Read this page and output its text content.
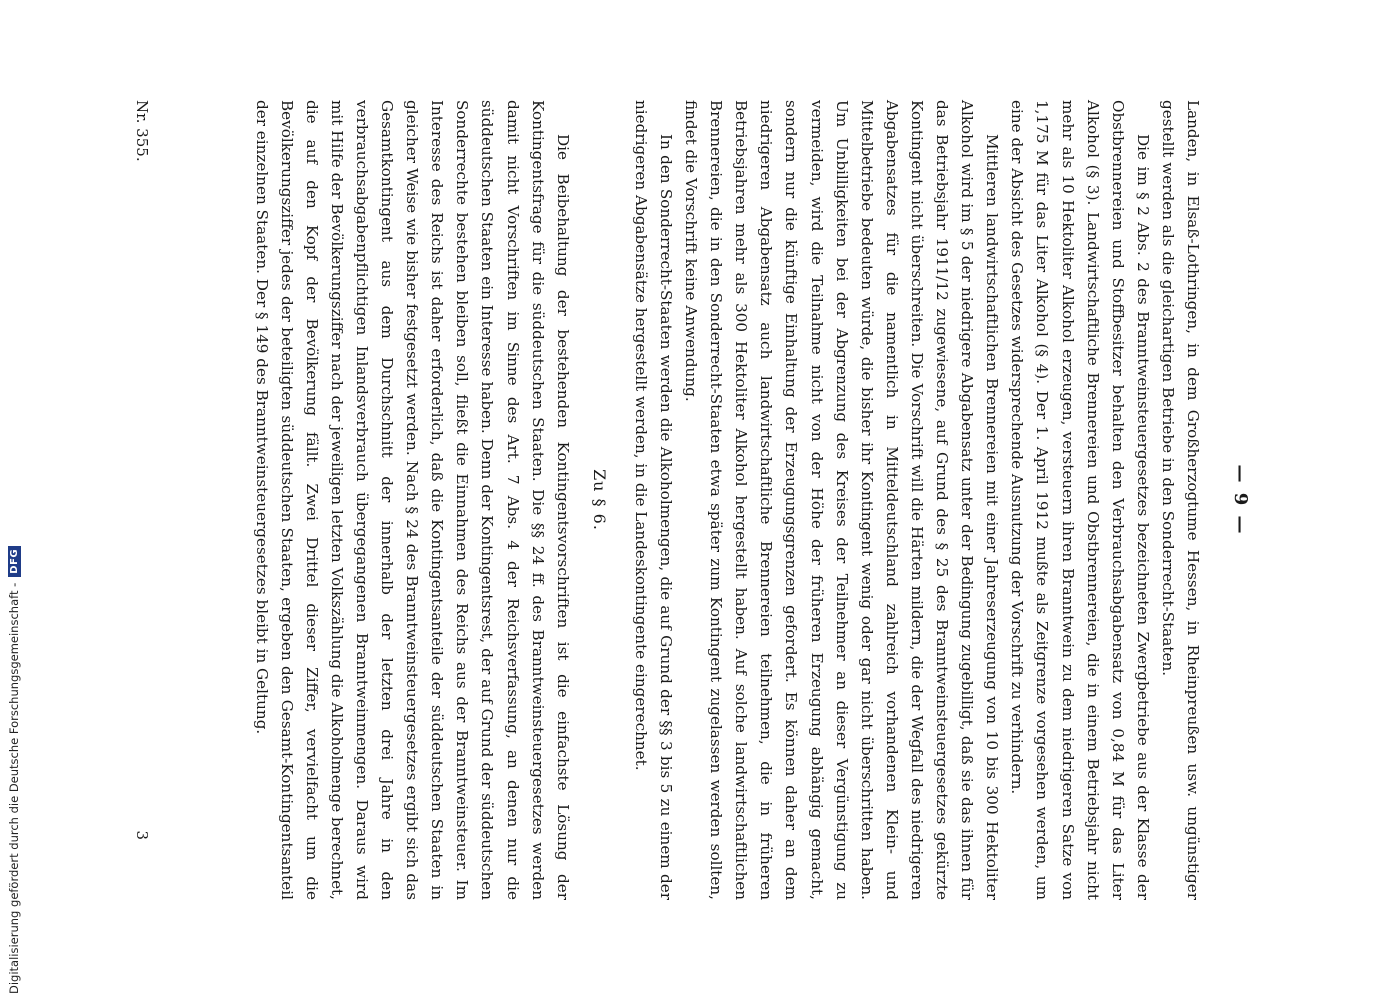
— 9 —

Landen, in Elsaß-Lothringen, in dem Großherzogtume Hessen, in Rheinpreußen usw. ungünstiger gestellt werden als die gleichartigen Betriebe in den Sonderrecht-Staaten.

Die im § 2 Abs. 2 des Branntweinsteuergesetzes bezeichneten Zwergbetriebe aus der Klasse der Obstbrennereien und Stoffbesitzer behalten den Verbrauchsabgabensatz von 0,84 M für das Liter Alkohol (§ 3). Landwirtschaftliche Brennereien und Obstbrennereien, die in einem Betriebsjahr nicht mehr als 10 Hektoliter Alkohol erzeugen, versteuern ihren Branntwein zu dem niedrigeren Satze von 1,175 M für das Liter Alkohol (§ 4). Der 1. April 1912 mußte als Zeitgrenze vorgesehen werden, um eine der Absicht des Gesetzes widersprechende Ausnutzung der Vorschrift zu verhindern.

Mittleren landwirtschaftlichen Brennereien mit einer Jahreserzeugung von 10 bis 300 Hektoliter Alkohol wird im § 5 der niedrigere Abgabensatz unter der Bedingung zugebilligt, daß sie das ihnen für das Betriebsjahr 1911/12 zugewiesene, auf Grund des § 25 des Branntweinsteuergesetzes gekürzte Kontingent nicht überschreiten. Die Vorschrift will die Härten mildern, die der Wegfall des niedrigeren Abgabensatzes für die namentlich in Mitteldeutschland zahlreich vorhandenen Klein- und Mittelbetriebe bedeuten würde, die bisher ihr Kontingent wenig oder gar nicht überschritten haben. Um Unbilligkeiten bei der Abgrenzung des Kreises der Teilnehmer an dieser Vergünstigung zu vermeiden, wird die Teilnahme nicht von der Höhe der früheren Erzeugung abhängig gemacht, sondern nur die künftige Einhaltung der Erzeugungsgrenzen gefordert. Es können daher an dem niedrigeren Abgabensatz auch landwirtschaftliche Brennereien teilnehmen, die in früheren Betriebsjahren mehr als 300 Hektoliter Alkohol hergestellt haben. Auf solche landwirtschaftlichen Brennereien, die in den Sonderrecht-Staaten etwa später zum Kontingent zugelassen werden sollten, findet die Vorschrift keine Anwendung.

In den Sonderrecht-Staaten werden die Alkoholmengen, die auf Grund der §§ 3 bis 5 zu einem der niedrigeren Abgabensätze hergestellt werden, in die Landeskontingente eingerechnet.

Zu § 6.

Die Beibehaltung der bestehenden Kontingentsvorschriften ist die einfachste Lösung der Kontingentsfrage für die süddeutschen Staaten. Die §§ 24 ff. des Branntweinsteuergesetzes werden damit nicht Vorschriften im Sinne des Art. 7 Abs. 4 der Reichsverfassung, an denen nur die süddeutschen Staaten ein Interesse haben. Denn der Kontingentsrest, der auf Grund der süddeutschen Sonderrechte bestehen bleiben soll, fließt die Einnahmen des Reichs aus der Branntweinsteuer. Im Interesse des Reichs ist daher erforderlich, daß die Kontingentsanteile der süddeutschen Staaten in gleicher Weise wie bisher festgesetzt werden. Nach § 24 des Branntweinsteuergesetzes ergibt sich das Gesamtkontingent aus dem Durchschnitt der innerhalb der letzten drei Jahre in den verbrauchsabgabenpflichtigen Inlandsverbrauch übergegangenen Branntweinmengen. Daraus wird mit Hilfe der Bevölkerungsziffer nach der jeweiligen letzten Volkszählung die Alkoholmenge berechnet, die auf den Kopf der Bevölkerung fällt. Zwei Drittel dieser Ziffer, vervielfacht um die Bevölkerungsziffer jedes der beteiligten süddeutschen Staaten, ergeben den Gesamt-Kontingentsanteil der einzelnen Staaten. Der § 149 des Branntweinsteuergesetzes bleibt in Geltung.

Nr. 355.
3
Digitalisierung gefördert durch die Deutsche Forschungsgemeinschaft -
DFG
